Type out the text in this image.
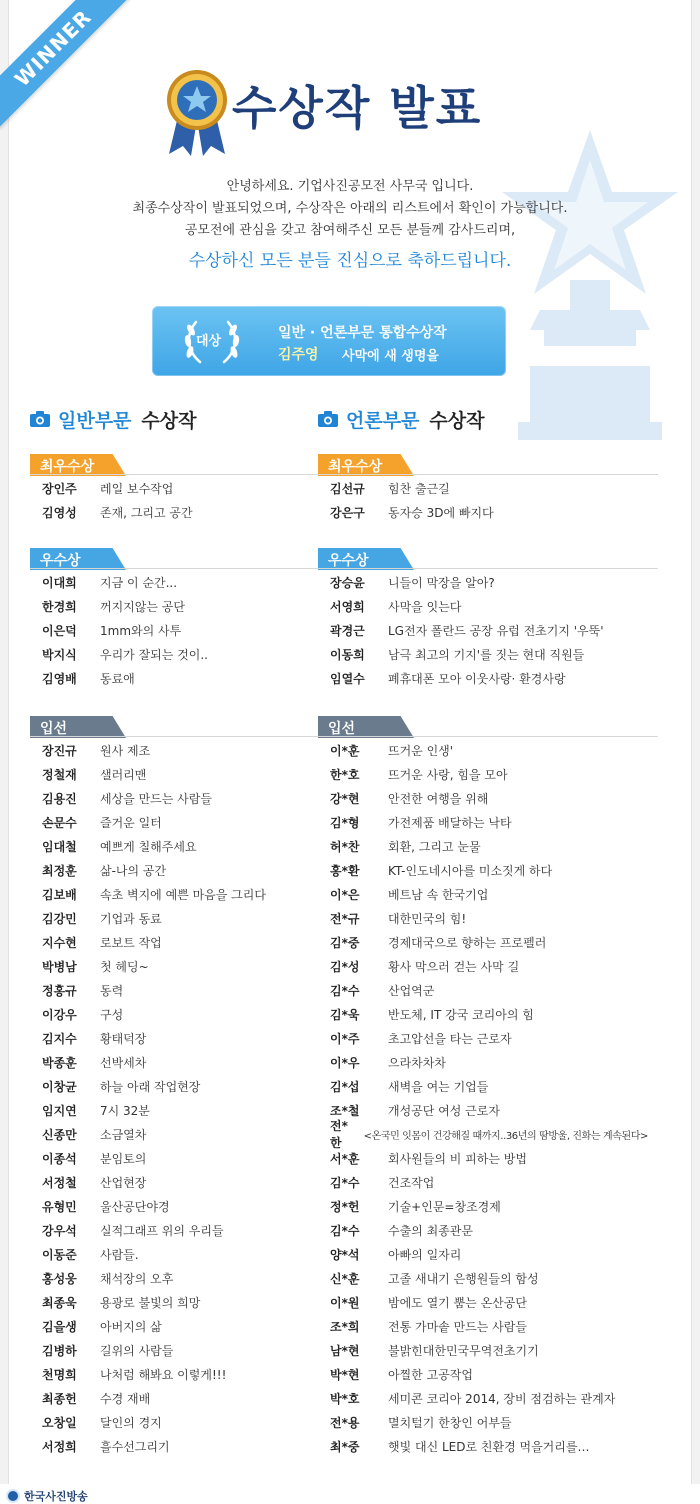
WINNER
수상작 발표
안녕하세요. 기업사진공모전 사무국 입니다.
최종수상작이 발표되었으며, 수상작은 아래의 리스트에서 확인이 가능합니다.
공모전에 관심을 갖고 참여해주신 모든 분들께 감사드리며,
수상하신 모든 분들 진심으로 축하드립니다.
대상
일반 · 언론부문 통합수상작
김주영 사막에 새 생명을
일반부문 수상작
최우수상
장인주	레일 보수작업
김영성	존재, 그리고 공간
우수상
이대희	지금 이 순간...
한경희	꺼지지않는 공단
이은덕	1mm와의 사투
박지식	우리가 잘되는 것이..
김영배	동료애
입선
장진규	원사 제조
정철재	샐러리맨
김용진	세상을 만드는 사람들
손문수	즐거운 일터
임대철	예쁘게 칠해주세요
최정훈	삶-나의 공간
김보배	속초 벽지에 예쁜 마음을 그리다
김강민	기업과 동료
지수현	로보트 작업
박병남	첫 헤딩~
정홍규	동력
이강우	구성
김지수	황태덕장
박종훈	선박세차
이창균	하늘 아래 작업현장
임지연	7시 32분
신종만	소금열차
이종석	분임토의
서정철	산업현장
유형민	울산공단야경
강우석	실적그래프 위의 우리들
이동준	사람들.
홍성웅	채석장의 오후
최종욱	용광로 불빛의 희망
김을생	아버지의 삶
김병하	길위의 사람들
천명희	나처럼 해봐요 이렇게!!!
최종헌	수경 재배
오창일	달인의 경지
서정희	흘수선그리기
언론부문 수상작
최우수상
김선규	힘찬 출근길
강은구	동자승 3D에 빠지다
우수상
장승윤	니들이 막장을 알아?
서영희	사막을 잇는다
곽경근	LG전자 폴란드 공장 유럽 전초기지 '우뚝'
이동희	남극 최고의 기지'를 짓는 현대 직원들
임열수	폐휴대폰 모아 이웃사랑· 환경사랑
입선
이*훈	뜨거운 인생'
한*호	뜨거운 사랑, 힘을 모아
강*현	안전한 여행을 위해
김*형	가전제품 배달하는 낙타
허*찬	회환, 그리고 눈물
홍*환	KT-인도네시아를 미소짓게 하다
이*은	베트남 속 한국기업
전*규	대한민국의 힘!
김*중	경제대국으로 향하는 프로펠러
김*성	황사 막으러 걷는 사막 길
김*수	산업역군
김*욱	반도체, IT 강국 코리아의 힘
이*주	초고압선을 타는 근로자
이*우	으라차차차
김*섭	새벽을 여는 기업들
조*철	개성공단 여성 근로자
전*한	<온국민 잇몸이 건강해질 때까지..36년의 땀방울, 진화는 계속된다>
서*훈	회사원들의 비 피하는 방법
김*수	건조작업
정*헌	기술+인문=창조경제
김*수	수출의 최종관문
양*석	아빠의 일자리
신*훈	고졸 새내기 은행원들의 함성
이*원	밤에도 열기 뿜는 온산공단
조*희	전통 가마솥 만드는 사람들
남*현	불밝힌대한민국무역전초기기
박*현	아찔한 고공작업
박*호	세미콘 코리아 2014, 장비 점검하는 관계자
전*용	멸치털기 한창인 어부들
최*중	햇빛 대신 LED로 친환경 먹을거리를…
한국사진방송
